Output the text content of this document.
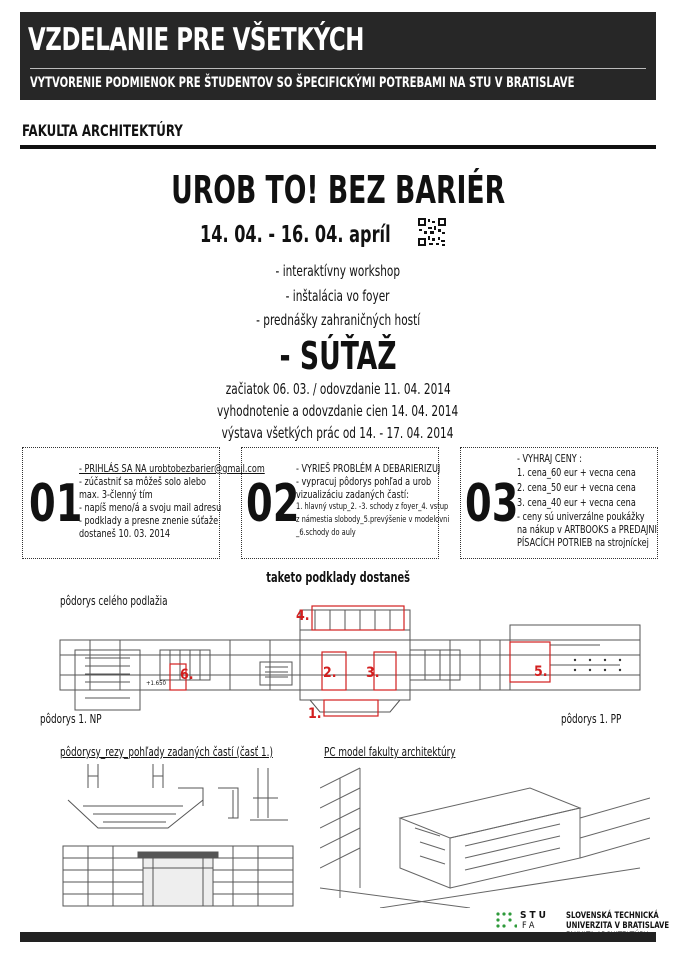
VZDELANIE PRE VŠETKÝCH
VYTVORENIE PODMIENOK PRE ŠTUDENTOV SO ŠPECIFICKÝMI POTREBAMI NA STU V BRATISLAVE
FAKULTA ARCHITEKTÚRY
UROB TO! BEZ BARIÉR
14. 04. - 16. 04. apríl
- interaktívny workshop
- inštalácia vo foyer
- prednášky zahraničných hostí
- SÚŤAŽ
začiatok 06. 03. / odovzdanie 11. 04. 2014
vyhodnotenie a odovzdanie cien 14. 04. 2014
výstava všetkých prác od 14. - 17. 04. 2014
01
- PRIHLÁS SA NA urobtobezbarier@gmail.com
- zúčastniť sa môžeš solo alebo
max. 3-členný tím
- napíš meno/á a svoju mail adresu
- podklady a presne znenie súťaže
dostaneš 10. 03. 2014	02
- VYRIEŠ PROBLÉM A DEBARIERIZUJ
- vypracuj pôdorys pohľad a urob
vizualizáciu zadaných častí:
1. hlavný vstup_2. -3. schody z foyer_4. vstup
z námestia slobody_5.prevýšenie v modelovni
_6.schody do auly	03
- VYHRAJ CENY :
1. cena_60 eur + vecna cena
2. cena_50 eur + vecna cena
3. cena_40 eur + vecna cena
- ceny sú univerzálne poukážky
na nákup v ARTBOOKS a PREDAJNI
PÍSACÍCH POTRIEB na strojníckej
taketo podklady dostaneš
pôdorys celého podlažia
4.
6.	2. 3.
1.
5.
+1.650
pôdorys 1. NP	pôdorys 1. PP
pôdorysy_rezy_pohľady zadaných častí (časť 1.)	PC model fakulty architektúry
STU
FA
SLOVENSKÁ TECHNICKÁ
UNIVERZITA V BRATISLAVE
